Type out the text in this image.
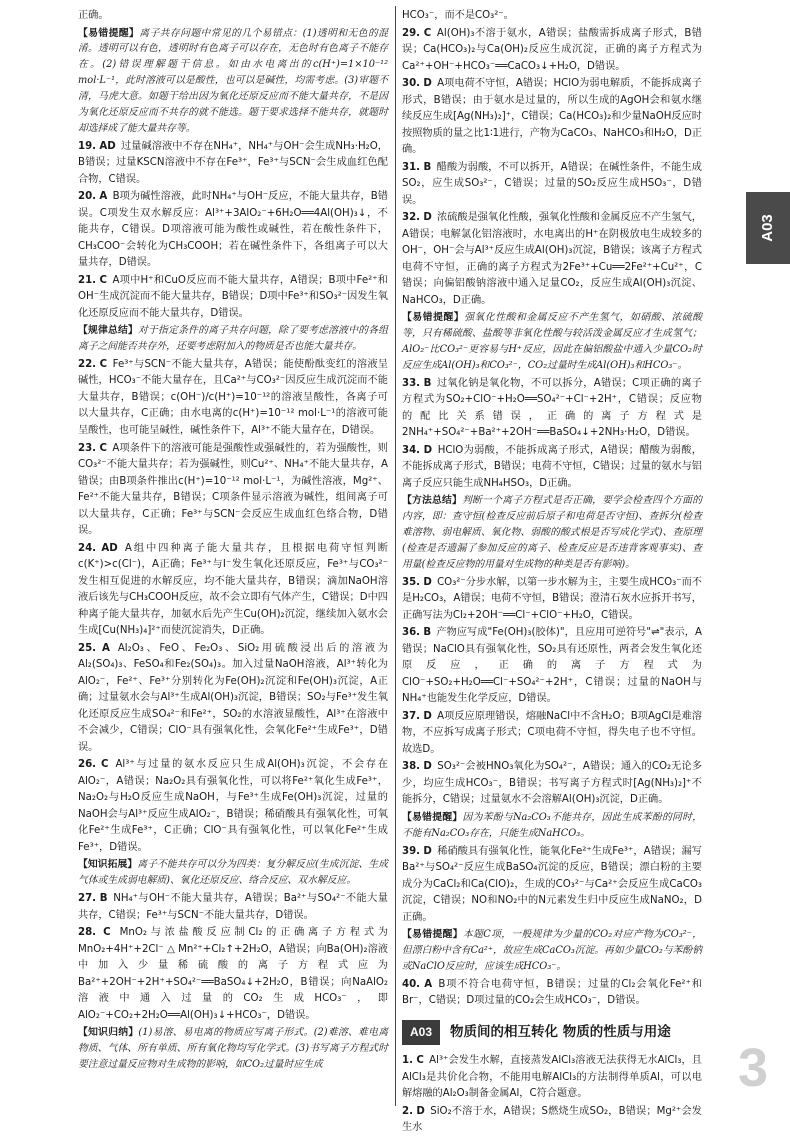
A03
正确。
【易错提醒】离子共存问题中常见的几个易错点：(1)透明和无色的混淆。透明可以有色，透明时有色离子可以存在，无色时有色离子不能存在。(2)错误理解题干信息。如由水电离出的c(H⁺)=1×10⁻¹² mol·L⁻¹，此时溶液可以是酸性，也可以是碱性，均需考虑。(3)审题不清，马虎大意。如题干给出因为氧化还原反应而不能大量共存，不是因为氧化还原反应而不共存的就不能选。题干要求选择不能共存，就题时却选择成了能大量共存等。
19. AD 过量碱溶液中不存在NH₄⁺，NH₄⁺与OH⁻会生成NH₃·H₂O，B错误；过量KSCN溶液中不存在Fe³⁺，Fe³⁺与SCN⁻会生成血红色配合物，C错误。
20. A B项为碱性溶液，此时NH₄⁺与OH⁻反应，不能大量共存，B错误。C项发生双水解反应：Al³⁺+3AlO₂⁻+6H₂O══4Al(OH)₃↓，不能共存，C错误。D项溶液可能为酸性或碱性，若在酸性条件下，CH₃COO⁻会转化为CH₃COOH；若在碱性条件下，各组离子可以大量共存，D错误。
21. C A项中H⁺和CuO反应而不能大量共存，A错误；B项中Fe²⁺和OH⁻生成沉淀而不能大量共存，B错误；D项中Fe³⁺和SO₃²⁻因发生氧化还原反应而不能大量共存，D错误。
【规律总结】对于指定条件的离子共存问题，除了要考虑溶液中的各组离子之间能否共存外，还要考虑附加入的物质是否也能大量共存。
22. C Fe³⁺与SCN⁻不能大量共存，A错误；能使酚酞变红的溶液呈碱性，HCO₃⁻不能大量存在，且Ca²⁺与CO₃²⁻因反应生成沉淀而不能大量共存，B错误；c(OH⁻)/c(H⁺)=10⁻¹²的溶液呈酸性，各离子可以大量共存，C正确；由水电离的c(H⁺)=10⁻¹² mol·L⁻¹的溶液可能呈酸性，也可能呈碱性，碱性条件下，Al³⁺不能大量存在，D错误。
23. C A项条件下的溶液可能是强酸性或强碱性的，若为强酸性，则CO₃²⁻不能大量共存；若为强碱性，则Cu²⁺、NH₄⁺不能大量共存，A错误；由B项条件推出c(H⁺)=10⁻¹² mol·L⁻¹，为碱性溶液，Mg²⁺、Fe²⁺不能大量共存，B错误；C项条件显示溶液为碱性，组间离子可以大量共存，C正确；Fe³⁺与SCN⁻会反应生成血红色络合物，D错误。
24. AD A组中四种离子能大量共存，且根据电荷守恒判断c(K⁺)>c(Cl⁻)，A正确；Fe³⁺与I⁻发生氧化还原反应，Fe³⁺与CO₃²⁻发生相互促进的水解反应，均不能大量共存，B错误；滴加NaOH溶液后该先与CH₃COOH反应，故不会立即有气体产生，C错误；D中四种离子能大量共存，加氨水后先产生Cu(OH)₂沉淀，继续加入氨水会生成[Cu(NH₃)₄]²⁺而使沉淀消失，D正确。
25. A Al₂O₃、FeO、Fe₂O₃、SiO₂用硫酸浸出后的溶液为Al₂(SO₄)₃、FeSO₄和Fe₂(SO₄)₃。加入过量NaOH溶液，Al³⁺转化为AlO₂⁻，Fe²⁺、Fe³⁺分别转化为Fe(OH)₂沉淀和Fe(OH)₃沉淀，A正确；过量氨水会与Al³⁺生成Al(OH)₃沉淀，B错误；SO₂与Fe³⁺发生氧化还原反应生成SO₄²⁻和Fe²⁺，SO₂的水溶液显酸性，Al³⁺在溶液中不会减少，C错误；ClO⁻具有强氧化性，会氧化Fe²⁺生成Fe³⁺，D错误。
26. C Al³⁺与过量的氨水反应只生成Al(OH)₃沉淀，不会存在AlO₂⁻，A错误；Na₂O₂具有强氧化性，可以将Fe²⁺氧化生成Fe³⁺，Na₂O₂与H₂O反应生成NaOH，与Fe³⁺生成Fe(OH)₃沉淀，过量的NaOH会与Al³⁺反应生成AlO₂⁻，B错误；稀硝酸具有强氧化性，可氧化Fe²⁺生成Fe³⁺，C正确；ClO⁻具有强氧化性，可以氧化Fe²⁺生成Fe³⁺，D错误。
【知识拓展】离子不能共存可以分为四类：复分解反应(生成沉淀、生成气体或生成弱电解质)、氧化还原反应、络合反应、双水解反应。
27. B NH₄⁺与OH⁻不能大量共存，A错误；Ba²⁺与SO₄²⁻不能大量共存，C错误；Fe³⁺与SCN⁻不能大量共存，D错误。
28. C MnO₂与浓盐酸反应制Cl₂的正确离子方程式为MnO₂+4H⁺+2Cl⁻ △ Mn²⁺+Cl₂↑+2H₂O，A错误；向Ba(OH)₂溶液中加入少量稀硫酸的离子方程式应为Ba²⁺+2OH⁻+2H⁺+SO₄²⁻══BaSO₄↓+2H₂O，B错误；向NaAlO₂溶液中通入过量的CO₂生成HCO₃⁻，即AlO₂⁻+CO₂+2H₂O══Al(OH)₃↓+HCO₃⁻，D错误。
【知识归纳】(1)易溶、易电离的物质应写离子形式。(2)难溶、难电离物质、气体、所有单质、所有氧化物均写化学式。(3)书写离子方程式时要注意过量反应物对生成物的影响，如CO₂过量时应生成
HCO₃⁻，而不是CO₃²⁻。
29. C Al(OH)₃不溶于氨水，A错误；盐酸需拆成离子形式，B错误；Ca(HCO₃)₂与Ca(OH)₂反应生成沉淀，正确的离子方程式为Ca²⁺+OH⁻+HCO₃⁻══CaCO₃↓+H₂O，D错误。
30. D A项电荷不守恒，A错误；HClO为弱电解质，不能拆成离子形式，B错误；由于氨水是过量的，所以生成的AgOH会和氨水继续反应生成[Ag(NH₃)₂]⁺，C错误；Ca(HCO₃)₂和少量NaOH反应时按照物质的量之比1∶1进行，产物为CaCO₃、NaHCO₃和H₂O，D正确。
31. B 醋酸为弱酸，不可以拆开，A错误；在碱性条件，不能生成SO₂，应生成SO₃²⁻，C错误；过量的SO₂反应生成HSO₃⁻，D错误。
32. D 浓硫酸是强氧化性酸，强氧化性酸和金属反应不产生氢气，A错误；电解氯化铝溶液时，水电离出的H⁺在阴极放电生成较多的OH⁻，OH⁻会与Al³⁺反应生成Al(OH)₃沉淀，B错误；该离子方程式电荷不守恒，正确的离子方程式为2Fe³⁺+Cu══2Fe²⁺+Cu²⁺，C错误；向偏铝酸钠溶液中通入足量CO₂，反应生成Al(OH)₃沉淀、NaHCO₃，D正确。
【易错提醒】强氧化性酸和金属反应不产生氢气，如硝酸、浓硫酸等，只有稀硫酸、盐酸等非氧化性酸与较活泼金属反应才生成氢气；AlO₂⁻比CO₃²⁻更容易与H⁺反应，因此在偏铝酸盐中通入少量CO₂时反应生成Al(OH)₃和CO₃²⁻，CO₂过量时生成Al(OH)₃和HCO₃⁻。
33. B 过氧化钠是氧化物，不可以拆分，A错误；C项正确的离子方程式为SO₂+ClO⁻+H₂O══SO₄²⁻+Cl⁻+2H⁺，C错误；反应物的配比关系错误，正确的离子方程式是2NH₄⁺+SO₄²⁻+Ba²⁺+2OH⁻══BaSO₄↓+2NH₃·H₂O，D错误。
34. D HClO为弱酸，不能拆成离子形式，A错误；醋酸为弱酸，不能拆成离子形式，B错误；电荷不守恒，C错误；过量的氨水与铝离子反应只能生成NH₄HSO₃，D正确。
【方法总结】判断一个离子方程式是否正确，要学会检查四个方面的内容，即：查守恒(检查反应前后原子和电荷是否守恒)、查拆分(检查难溶物、弱电解质、氧化物、弱酸的酸式根是否写成化学式)、查原理(检查是否遗漏了参加反应的离子、检查反应是否违背客观事实)、查用量(检查反应物的用量对生成物的种类是否有影响)。
35. D CO₃²⁻分步水解，以第一步水解为主，主要生成HCO₃⁻而不是H₂CO₃，A错误；电荷不守恒，B错误；澄清石灰水应拆开书写，正确写法为Cl₂+2OH⁻══Cl⁻+ClO⁻+H₂O，C错误。
36. B 产物应写成"Fe(OH)₃(胶体)"，且应用可逆符号"⇌"表示，A错误；NaClO具有强氧化性，SO₂具有还原性，两者会发生氧化还原反应，正确的离子方程式为ClO⁻+SO₂+H₂O══Cl⁻+SO₄²⁻+2H⁺，C错误；过量的NaOH与NH₄⁺也能发生化学反应，D错误。
37. D A项反应原理错误，熔融NaCl中不含H₂O；B项AgCl是难溶物，不应拆写成离子形式；C项电荷不守恒，得失电子也不守恒。故选D。
38. D SO₃²⁻会被HNO₃氧化为SO₄²⁻，A错误；通入的CO₂无论多少，均应生成HCO₃⁻，B错误；书写离子方程式时[Ag(NH₃)₂]⁺不能拆分，C错误；过量氨水不会溶解Al(OH)₃沉淀，D正确。
【易错提醒】因为苯酚与Na₂CO₃不能共存，因此生成苯酚的同时，不能有Na₂CO₃存在，只能生成NaHCO₃。
39. D 稀硝酸具有强氧化性，能氧化Fe²⁺生成Fe³⁺，A错误；漏写Ba²⁺与SO₄²⁻反应生成BaSO₄沉淀的反应，B错误；漂白粉的主要成分为CaCl₂和Ca(ClO)₂，生成的CO₃²⁻与Ca²⁺会反应生成CaCO₃沉淀，C错误；NO和NO₂中的N元素发生归中反应生成NaNO₂，D正确。
【易错提醒】本题C项，一般规律为少量的CO₂对应产物为CO₃²⁻，但漂白粉中含有Ca²⁺，故应生成CaCO₃沉淀。再如少量CO₂与苯酚钠或NaClO反应时，应该生成HCO₃⁻。
40. A B项不符合电荷守恒，B错误；过量的Cl₂会氧化Fe²⁺和Br⁻，C错误；D项过量的CO₂会生成HCO₃⁻，D错误。
A03	物质间的相互转化 物质的性质与用途
1. C Al³⁺会发生水解，直接蒸发AlCl₃溶液无法获得无水AlCl₃，且AlCl₃是共价化合物，不能用电解AlCl₃的方法制得单质Al，可以电解熔融的Al₂O₃制备金属Al，C符合题意。
2. D SiO₂不溶于水，A错误；S燃烧生成SO₂，B错误；Mg²⁺会发生水
3
